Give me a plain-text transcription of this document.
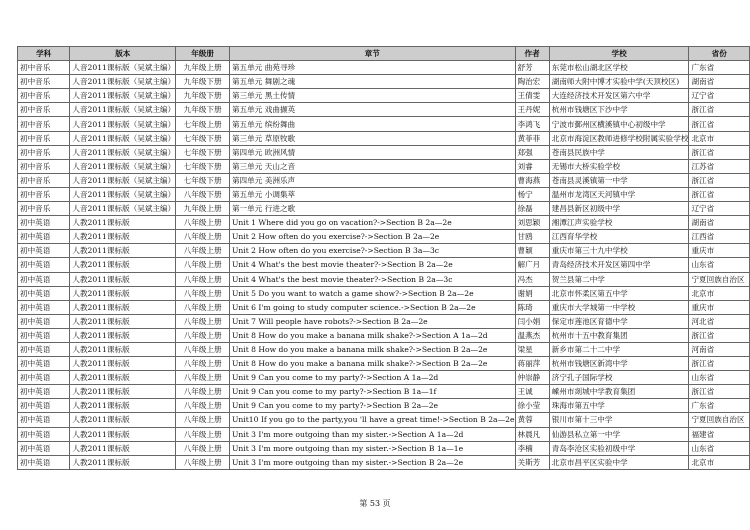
学科	版本	年级册	章节	作者	学校	省份
初中音乐	人音2011课标版（吴斌主编）	九年级上册	第五单元 曲苑寻珍	舒芳	东莞市松山湖北区学校	广东省
初中音乐	人音2011课标版（吴斌主编）	九年级下册	第五单元 舞剧之魂	陶治宏	湖南师大附中博才实验中学(天顶校区)	湖南省
初中音乐	人音2011课标版（吴斌主编）	九年级下册	第三单元 黑土传情	王倩雯	大连经济技术开发区第六中学	辽宁省
初中音乐	人音2011课标版（吴斌主编）	九年级下册	第五单元 戏曲撷英	王丹妮	杭州市钱塘区下沙中学	浙江省
初中音乐	人音2011课标版（吴斌主编）	七年级上册	第五单元 缤纷舞曲	李鸿飞	宁波市鄞州区横溪镇中心初级中学	浙江省
初中音乐	人音2011课标版（吴斌主编）	七年级下册	第三单元 草原牧歌	黄菲菲	北京市海淀区教师进修学校附属实验学校	北京市
初中音乐	人音2011课标版（吴斌主编）	七年级下册	第四单元 欧洲风情	郑强	苍南县民族中学	浙江省
初中音乐	人音2011课标版（吴斌主编）	七年级下册	第三单元 天山之音	刘睿	无锡市大桥实验学校	江苏省
初中音乐	人音2011课标版（吴斌主编）	七年级下册	第四单元 美洲乐声	曹海燕	苍南县灵溪镇第一中学	浙江省
初中音乐	人音2011课标版（吴斌主编）	八年级下册	第五单元 小调集萃	杨宁	温州市龙湾区天河镇中学	浙江省
初中音乐	人音2011课标版（吴斌主编）	九年级上册	第一单元 行进之歌	徐磊	建昌县新区初级中学	辽宁省
初中英语	人教2011课标版	八年级上册	Unit 1 Where did you go on vacation?->Section B 2a—2e	刘思颖	湘潭江声实验学校	湖南省
初中英语	人教2011课标版	八年级上册	Unit 2 How often do you exercise?->Section B 2a—2e	甘鸥	江西育华学校	江西省
初中英语	人教2011课标版	八年级上册	Unit 2 How often do you exercise?->Section B 3a—3c	曹颖	重庆市第三十九中学校	重庆市
初中英语	人教2011课标版	八年级上册	Unit 4 What's the best movie theater?->Section B 2a—2e	解广月	青岛经济技术开发区第四中学	山东省
初中英语	人教2011课标版	八年级上册	Unit 4 What's the best movie theater?->Section B 2a—3c	冯杰	贺兰县第二中学	宁夏回族自治区
初中英语	人教2011课标版	八年级上册	Unit 5 Do you want to watch a game show?->Section B 2a—2e	谢娟	北京市怀柔区第五中学	北京市
初中英语	人教2011课标版	八年级上册	Unit 6 I'm going to study computer science.->Section B 2a—2e	陈琦	重庆市大学城第一中学校	重庆市
初中英语	人教2011课标版	八年级上册	Unit 7 Will people have robots?->Section B 2a—2e	闫小娟	保定市莲池区育德中学	河北省
初中英语	人教2011课标版	八年级上册	Unit 8 How do you make a banana milk shake?->Section A 1a—2d	温燕杰	杭州市十五中教育集团	浙江省
初中英语	人教2011课标版	八年级上册	Unit 8 How do you make a banana milk shake?->Section B 2a—2e	梁星	新乡市第二十二中学	河南省
初中英语	人教2011课标版	八年级上册	Unit 8 How do you make a banana milk shake?->Section B 2a—2e	蒋丽萍	杭州市钱塘区新湾中学	浙江省
初中英语	人教2011课标版	八年级上册	Unit 9 Can you come to my party?->Section A 1a—2d	仲崇静	济宁孔子国际学校	山东省
初中英语	人教2011课标版	八年级上册	Unit 9 Can you come to my party?->Section B 1a—1f	王诚	嵊州市剡城中学教育集团	浙江省
初中英语	人教2011课标版	八年级上册	Unit 9 Can you come to my party?->Section B 2a—2e	徐小莹	珠海市第五中学	广东省
初中英语	人教2011课标版	八年级上册	Unit10 If you go to the party,you 'll have a great time!->Section B 2a—2e	黄蓉	银川市第十三中学	宁夏回族自治区
初中英语	人教2011课标版	八年级上册	Unit 3 I'm more outgoing than my sister.->Section A 1a—2d	林晨凡	仙游县私立第一中学	福建省
初中英语	人教2011课标版	八年级上册	Unit 3 I'm more outgoing than my sister.->Section B 1a—1e	李楠	青岛李沧区实验初级中学	山东省
初中英语	人教2011课标版	八年级上册	Unit 3 I'm more outgoing than my sister.->Section B 2a—2e	关斯芳	北京市昌平区实验中学	北京市
第 53 页
